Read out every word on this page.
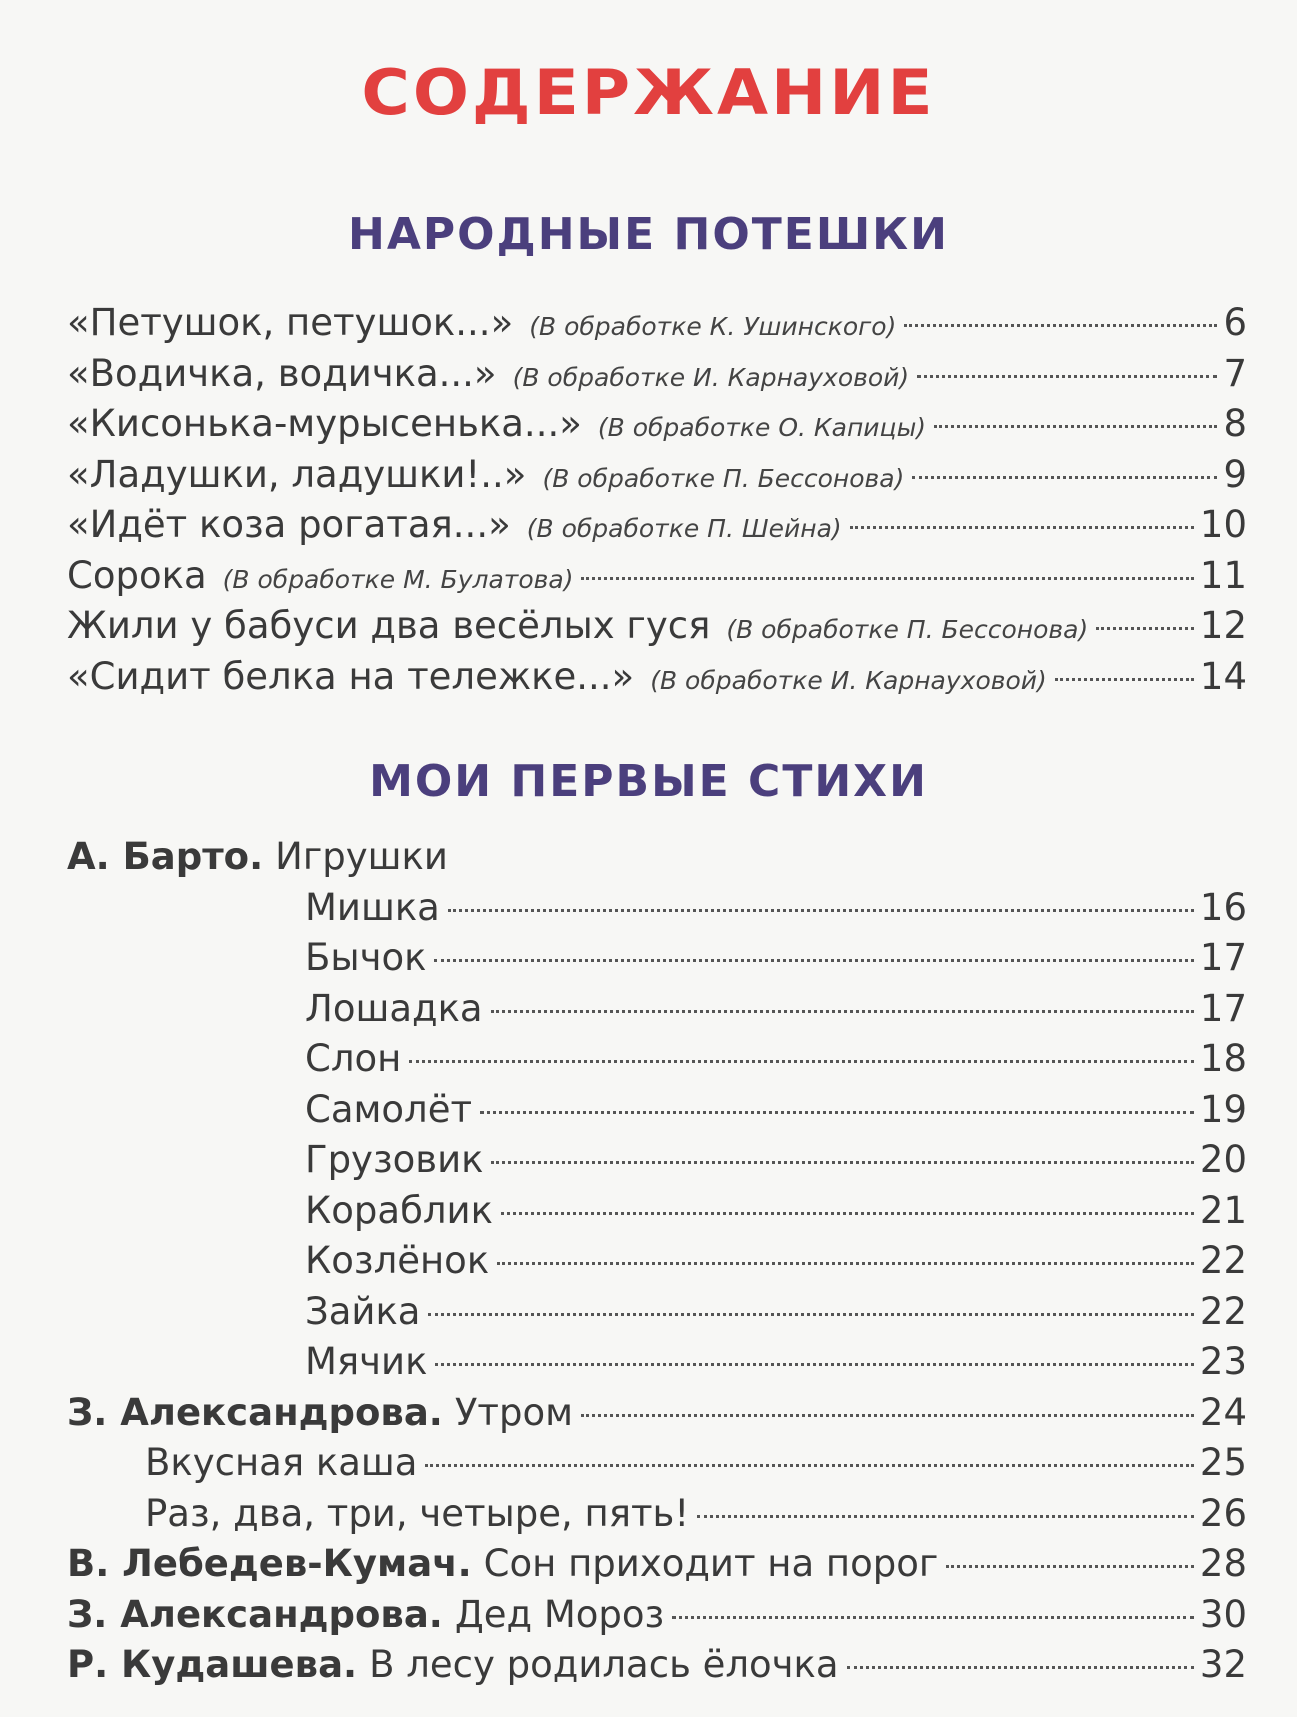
СОДЕРЖАНИЕ
НАРОДНЫЕ ПОТЕШКИ
«Петушок, петушок...» (В обработке К. Ушинского)	6
«Водичка, водичка...» (В обработке И. Карнауховой)	7
«Кисонька-мурысенька...» (В обработке О. Капицы)	8
«Ладушки, ладушки!..» (В обработке П. Бессонова)	9
«Идёт коза рогатая...» (В обработке П. Шейна)	10
Сорока (В обработке М. Булатова)	11
Жили у бабуси два весёлых гуся (В обработке П. Бессонова)	12
«Сидит белка на тележке...» (В обработке И. Карнауховой)	14
МОИ ПЕРВЫЕ СТИХИ
А. Барто. Игрушки
Мишка	16
Бычок	17
Лошадка	17
Слон	18
Самолёт	19
Грузовик	20
Кораблик	21
Козлёнок	22
Зайка	22
Мячик	23
З. Александрова. Утром	24
Вкусная каша	25
Раз, два, три, четыре, пять!	26
В. Лебедев-Кумач. Сон приходит на порог	28
З. Александрова. Дед Мороз	30
Р. Кудашева. В лесу родилась ёлочка	32
